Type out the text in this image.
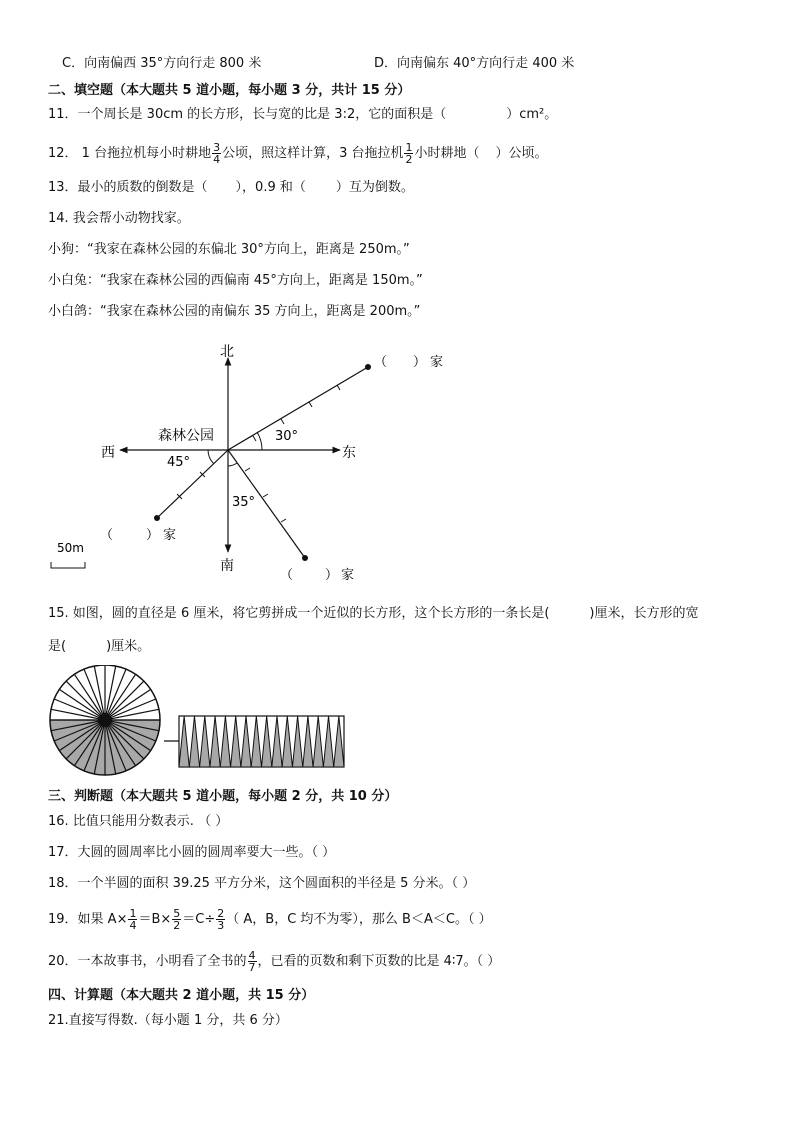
C．向南偏西 35°方向行走 800 米	D．向南偏东 40°方向行走 400 米
二、填空题（本大题共 5 道小题，每小题 3 分，共计 15 分）
11．一个周长是 30cm 的长方形，长与宽的比是 3:2，它的面积是（	）cm²。
12． 1 台拖拉机每小时耕地 $\frac{3}{4}$ 公顷，照这样计算，3 台拖拉机 $\frac{1}{2}$ 小时耕地（ ）公顷。
13．最小的质数的倒数是（ ），0.9 和（ ）互为倒数。
14. 我会帮小动物找家。
小狗：“我家在森林公园的东偏北 30°方向上，距离是 250m。”
小白兔：“我家在森林公园的西偏南 45°方向上，距离是 150m。”
小白鸽：“我家在森林公园的南偏东 35 方向上，距离是 200m。”
北
南
东
西
森林公园	30°
45°
35°
（ ） 家
（	） 家
（ ） 家
50m
15. 如图，圆的直径是 6 厘米，将它剪拼成一个近似的长方形，这个长方形的一条长是(	)厘米，长方形的宽
是(	)厘米。
三、判断题（本大题共 5 道小题，每小题 2 分，共 10 分）
16. 比值只能用分数表示. （ ）
17．大圆的圆周率比小圆的圆周率要大一些。（ ）
18．一个半圆的面积 39.25 平方分米，这个圆面积的半径是 5 分米。（ ）
19．如果 $A\times \frac{1}{4} =B\times \frac{5}{2} =C\div \frac{2}{3}$ （ A，B，C 均不为零），那么 B＜A＜C。（ ）
20．一本故事书，小明看了全书的 $\frac{4}{7}$ ，已看的页数和剩下页数的比是 4∶7。（ ）
四、计算题（本大题共 2 道小题，共 15 分）
21.直接写得数.（每小题 1 分，共 6 分）
